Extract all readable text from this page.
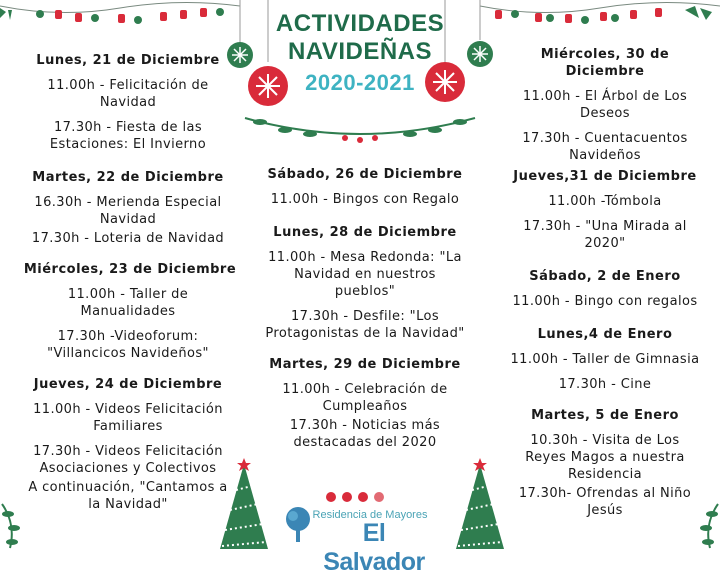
ACTIVIDADES
NAVIDEÑAS
2020-2021
Lunes, 21 de Diciembre
11.00h - Felicitación de Navidad
17.30h - Fiesta de las Estaciones: El Invierno
Martes, 22 de Diciembre
16.30h - Merienda Especial Navidad
17.30h - Loteria de Navidad
Miércoles, 23 de Diciembre
11.00h - Taller de Manualidades
17.30h -Videoforum: "Villancicos Navideños"
Jueves, 24 de Diciembre
11.00h - Videos Felicitación Familiares
17.30h - Videos Felicitación Asociaciones y Colectivos
A continuación, "Cantamos a la Navidad"
Sábado, 26 de Diciembre
11.00h - Bingos con Regalo
Lunes, 28 de Diciembre
11.00h - Mesa Redonda: "La Navidad en nuestros pueblos"
17.30h - Desfile: "Los Protagonistas de la Navidad"
Martes, 29 de Diciembre
11.00h - Celebración de Cumpleaños
17.30h - Noticias más destacadas del 2020
Miércoles, 30 de Diciembre
11.00h - El Árbol de Los Deseos
17.30h - Cuentacuentos Navideños
Jueves,31 de Diciembre
11.00h -Tómbola
17.30h - "Una Mirada al 2020"
Sábado, 2 de Enero
11.00h - Bingo con regalos
Lunes,4 de Enero
11.00h - Taller de Gimnasia
17.30h - Cine
Martes, 5 de Enero
10.30h - Visita de Los Reyes Magos a nuestra Residencia
17.30h- Ofrendas al Niño Jesús
Residencia de Mayores
El Salvador
